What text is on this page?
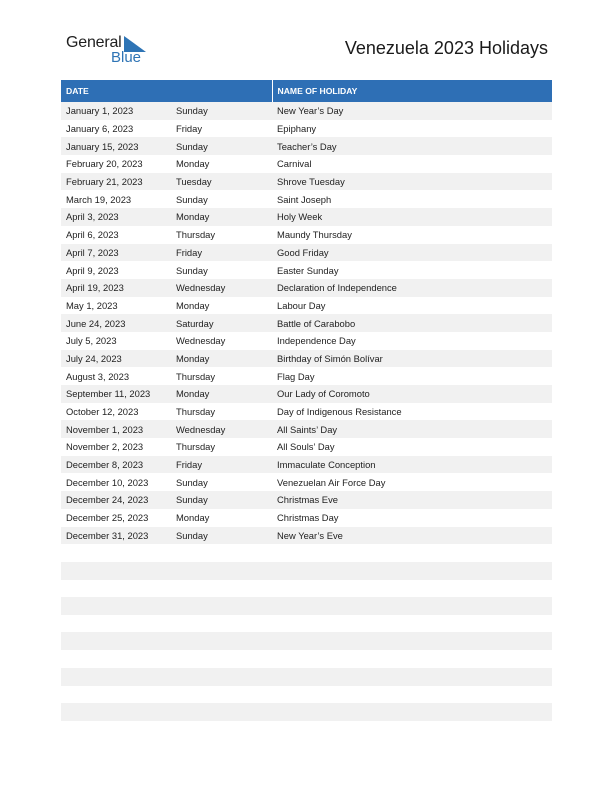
General
Blue	Venezuela 2023 Holidays
DATE		NAME OF HOLIDAY
January 1, 2023	Sunday	New Year’s Day
January 6, 2023	Friday	Epiphany
January 15, 2023	Sunday	Teacher’s Day
February 20, 2023	Monday	Carnival
February 21, 2023	Tuesday	Shrove Tuesday
March 19, 2023	Sunday	Saint Joseph
April 3, 2023	Monday	Holy Week
April 6, 2023	Thursday	Maundy Thursday
April 7, 2023	Friday	Good Friday
April 9, 2023	Sunday	Easter Sunday
April 19, 2023	Wednesday	Declaration of Independence
May 1, 2023	Monday	Labour Day
June 24, 2023	Saturday	Battle of Carabobo
July 5, 2023	Wednesday	Independence Day
July 24, 2023	Monday	Birthday of Simón Bolívar
August 3, 2023	Thursday	Flag Day
September 11, 2023	Monday	Our Lady of Coromoto
October 12, 2023	Thursday	Day of Indigenous Resistance
November 1, 2023	Wednesday	All Saints’ Day
November 2, 2023	Thursday	All Souls’ Day
December 8, 2023	Friday	Immaculate Conception
December 10, 2023	Sunday	Venezuelan Air Force Day
December 24, 2023	Sunday	Christmas Eve
December 25, 2023	Monday	Christmas Day
December 31, 2023	Sunday	New Year’s Eve
